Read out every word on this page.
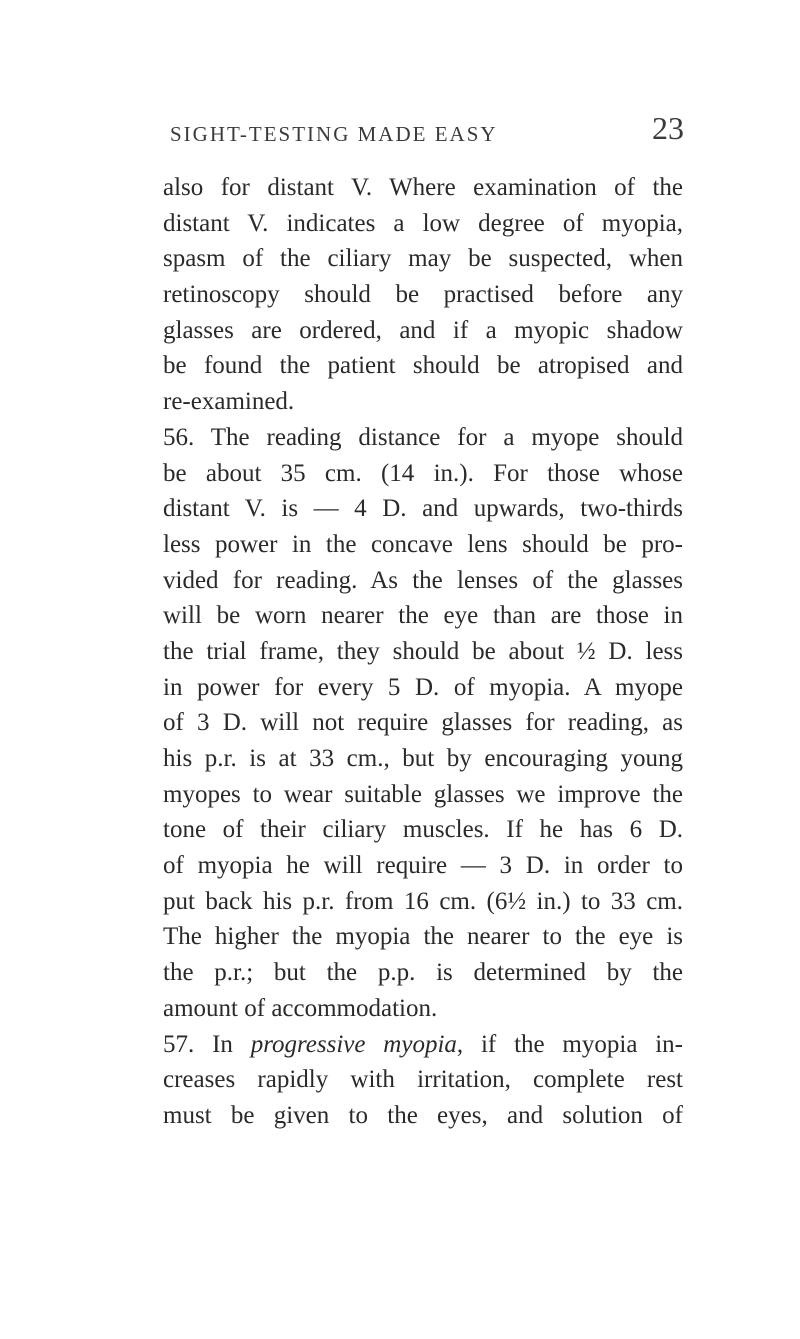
SIGHT-TESTING MADE EASY	23
also for distant V. Where examination of the
distant V. indicates a low degree of myopia,
spasm of the ciliary may be suspected, when
retinoscopy should be practised before any
glasses are ordered, and if a myopic shadow
be found the patient should be atropised and
re-examined.
56. The reading distance for a myope should
be about 35 cm. (14 in.). For those whose
distant V. is — 4 D. and upwards, two-thirds
less power in the concave lens should be pro-
vided for reading. As the lenses of the glasses
will be worn nearer the eye than are those in
the trial frame, they should be about ½ D. less
in power for every 5 D. of myopia. A myope
of 3 D. will not require glasses for reading, as
his p.r. is at 33 cm., but by encouraging young
myopes to wear suitable glasses we improve the
tone of their ciliary muscles. If he has 6 D.
of myopia he will require — 3 D. in order to
put back his p.r. from 16 cm. (6½ in.) to 33 cm.
The higher the myopia the nearer to the eye is
the p.r.; but the p.p. is determined by the
amount of accommodation.
57. In progressive myopia, if the myopia in-
creases rapidly with irritation, complete rest
must be given to the eyes, and solution of
